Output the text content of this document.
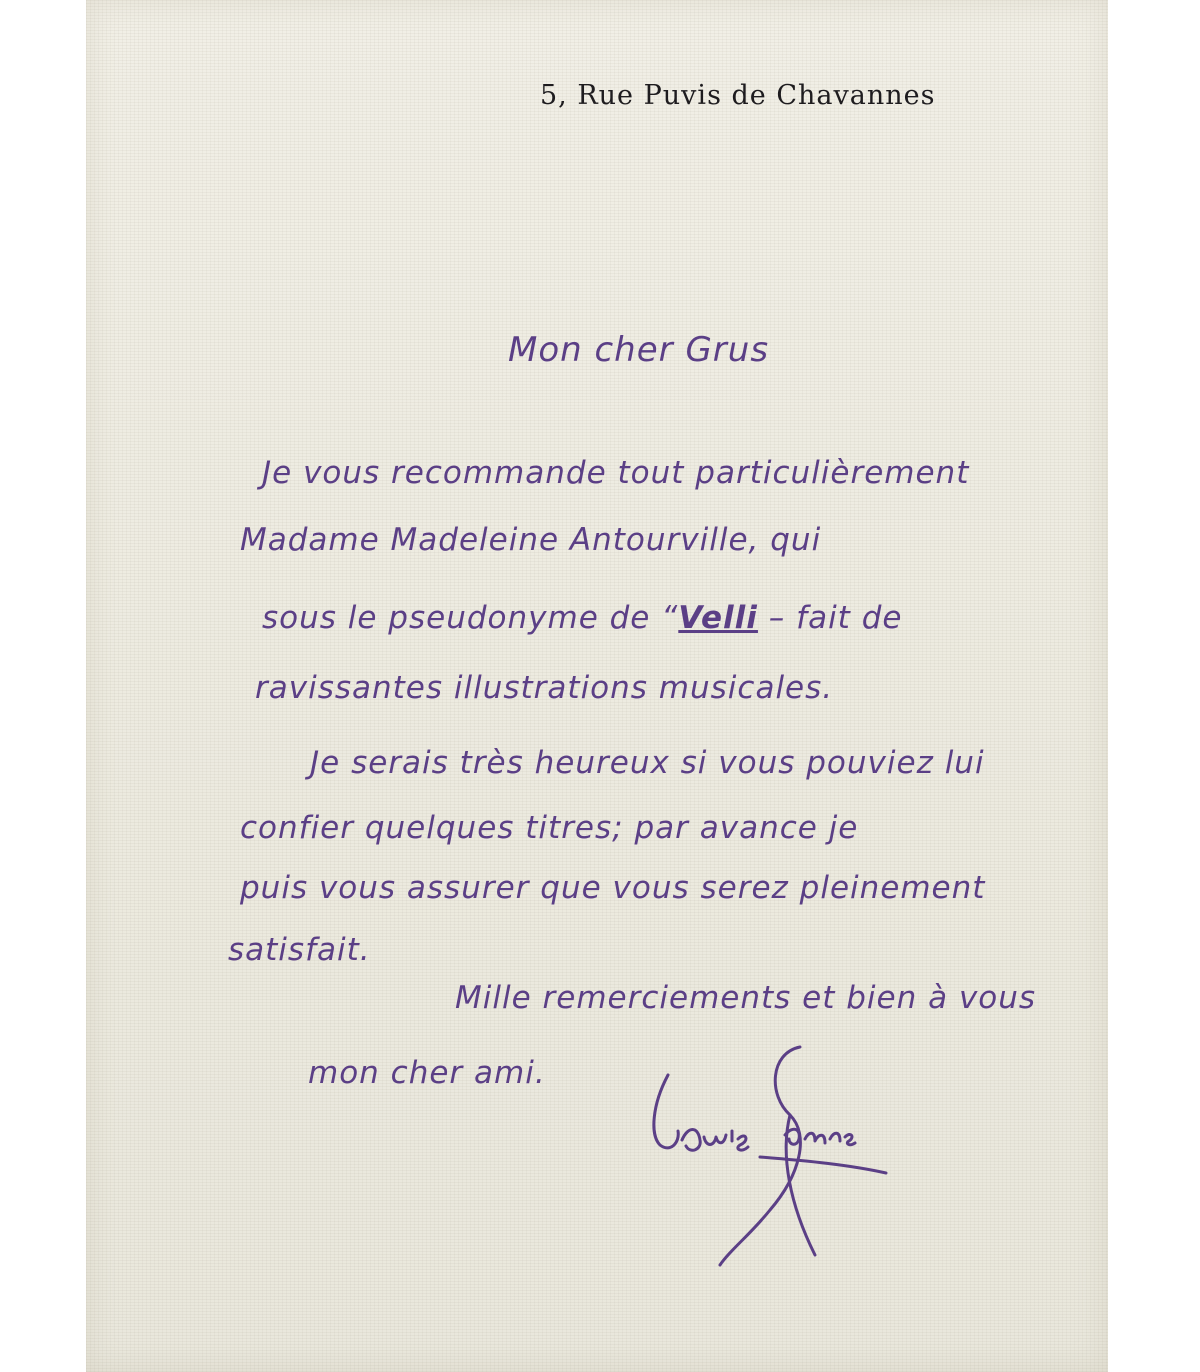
5, Rue Puvis de Chavannes
Mon cher Grus
Je vous recommande tout particulièrement
Madame Madeleine Antourville, qui
sous le pseudonyme de “Velli – fait de
ravissantes illustrations musicales.
Je serais très heureux si vous pouviez lui
confier quelques titres; par avance je
puis vous assurer que vous serez pleinement
satisfait.
Mille remerciements et bien à vous
mon cher ami.
